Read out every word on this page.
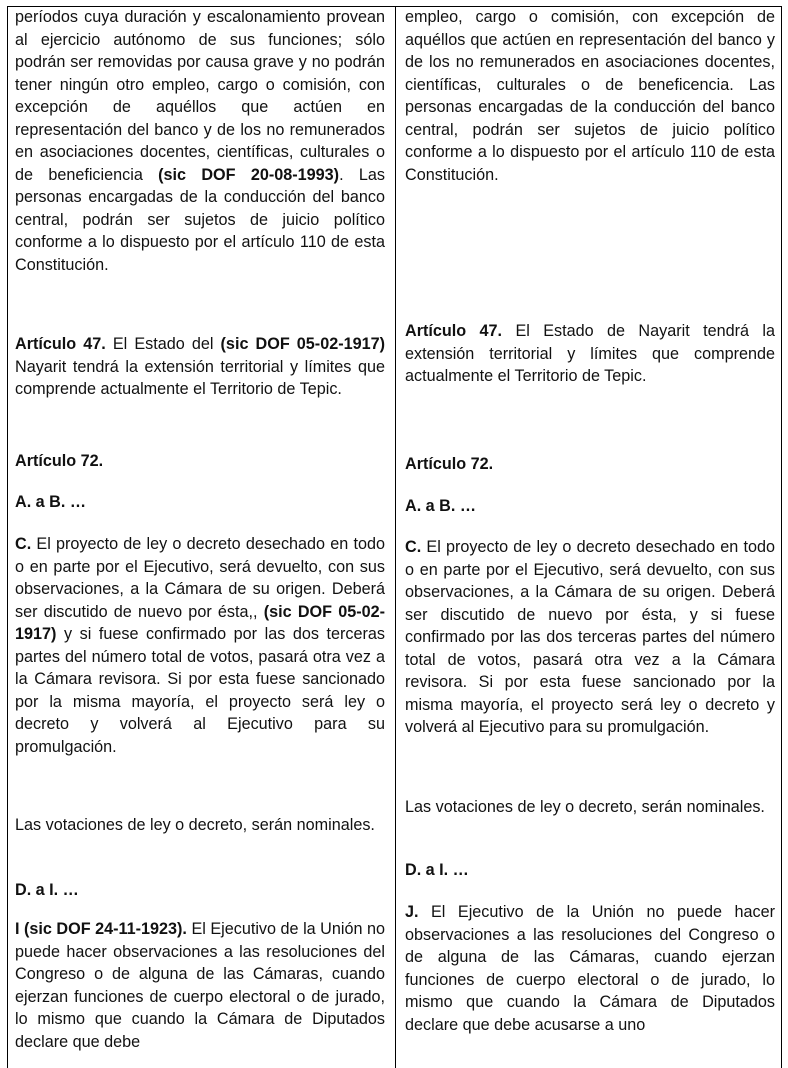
períodos cuya duración y escalonamiento provean al ejercicio autónomo de sus funciones; sólo podrán ser removidas por causa grave y no podrán tener ningún otro empleo, cargo o comisión, con excepción de aquéllos que actúen en representación del banco y de los no remunerados en asociaciones docentes, científicas, culturales o de beneficiencia (sic DOF 20-08-1993). Las personas encargadas de la conducción del banco central, podrán ser sujetos de juicio político conforme a lo dispuesto por el artículo 110 de esta Constitución.

Artículo 47. El Estado del (sic DOF 05-02-1917) Nayarit tendrá la extensión territorial y límites que comprende actualmente el Territorio de Tepic.

Artículo 72.

A. a B. …

C. El proyecto de ley o decreto desechado en todo o en parte por el Ejecutivo, será devuelto, con sus observaciones, a la Cámara de su origen. Deberá ser discutido de nuevo por ésta,, (sic DOF 05-02-1917) y si fuese confirmado por las dos terceras partes del número total de votos, pasará otra vez a la Cámara revisora. Si por esta fuese sancionado por la misma mayoría, el proyecto será ley o decreto y volverá al Ejecutivo para su promulgación.

Las votaciones de ley o decreto, serán nominales.

D. a I. …

I (sic DOF 24-11-1923). El Ejecutivo de la Unión no puede hacer observaciones a las resoluciones del Congreso o de alguna de las Cámaras, cuando ejerzan funciones de cuerpo electoral o de jurado, lo mismo que cuando la Cámara de Diputados declare que debe

empleo, cargo o comisión, con excepción de aquéllos que actúen en representación del banco y de los no remunerados en asociaciones docentes, científicas, culturales o de beneficencia. Las personas encargadas de la conducción del banco central, podrán ser sujetos de juicio político conforme a lo dispuesto por el artículo 110 de esta Constitución.

Artículo 47. El Estado de Nayarit tendrá la extensión territorial y límites que comprende actualmente el Territorio de Tepic.

Artículo 72.

A. a B. …

C. El proyecto de ley o decreto desechado en todo o en parte por el Ejecutivo, será devuelto, con sus observaciones, a la Cámara de su origen. Deberá ser discutido de nuevo por ésta, y si fuese confirmado por las dos terceras partes del número total de votos, pasará otra vez a la Cámara revisora. Si por esta fuese sancionado por la misma mayoría, el proyecto será ley o decreto y volverá al Ejecutivo para su promulgación.

Las votaciones de ley o decreto, serán nominales.

D. a I. …

J. El Ejecutivo de la Unión no puede hacer observaciones a las resoluciones del Congreso o de alguna de las Cámaras, cuando ejerzan funciones de cuerpo electoral o de jurado, lo mismo que cuando la Cámara de Diputados declare que debe acusarse a uno
